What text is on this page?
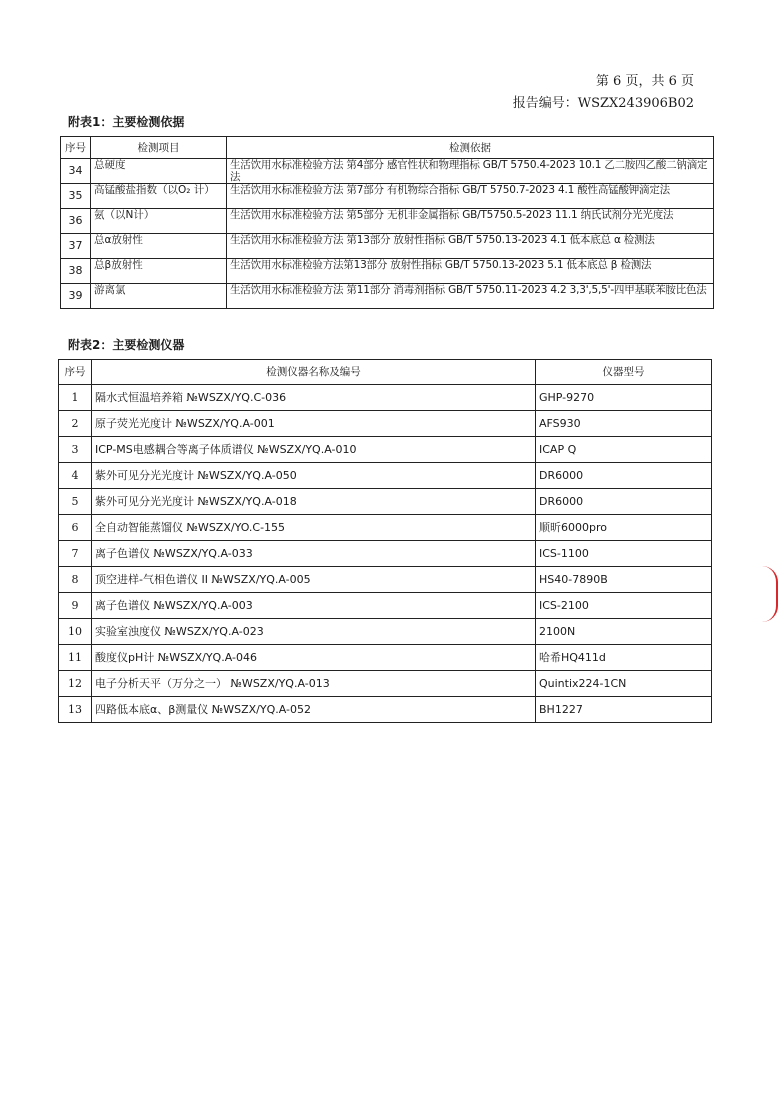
第 6 页，共 6 页
报告编号：WSZX243906B02
附表1：主要检测依据
序号	检测项目	检测依据
34	总硬度	生活饮用水标准检验方法 第4部分 感官性状和物理指标 GB/T 5750.4-2023 10.1 乙二胺四乙酸二钠滴定法
35	高锰酸盐指数（以O₂ 计）	生活饮用水标准检验方法 第7部分 有机物综合指标 GB/T 5750.7-2023 4.1 酸性高锰酸钾滴定法
36	氨（以N计）	生活饮用水标准检验方法 第5部分 无机非金属指标 GB/T5750.5-2023 11.1 纳氏试剂分光光度法
37	总α放射性	生活饮用水标准检验方法 第13部分 放射性指标 GB/T 5750.13-2023 4.1 低本底总 α 检测法
38	总β放射性	生活饮用水标准检验方法第13部分 放射性指标 GB/T 5750.13-2023 5.1 低本底总 β 检测法
39	游离氯	生活饮用水标准检验方法 第11部分 消毒剂指标 GB/T 5750.11-2023 4.2 3,3',5,5'-四甲基联苯胺比色法
附表2：主要检测仪器
序号	检测仪器名称及编号	仪器型号
1	隔水式恒温培养箱 №WSZX/YQ.C-036	GHP-9270
2	原子荧光光度计 №WSZX/YQ.A-001	AFS930
3	ICP-MS电感耦合等离子体质谱仪 №WSZX/YQ.A-010	ICAP Q
4	紫外可见分光光度计 №WSZX/YQ.A-050	DR6000
5	紫外可见分光光度计 №WSZX/YQ.A-018	DR6000
6	全自动智能蒸馏仪 №WSZX/YO.C-155	顺昕6000pro
7	离子色谱仪 №WSZX/YQ.A-033	ICS-1100
8	顶空进样-气相色谱仪 II №WSZX/YQ.A-005	HS40-7890B
9	离子色谱仪 №WSZX/YQ.A-003	ICS-2100
10	实验室浊度仪 №WSZX/YQ.A-023	2100N
11	酸度仪pH计 №WSZX/YQ.A-046	哈希HQ411d
12	电子分析天平（万分之一） №WSZX/YQ.A-013	Quintix224-1CN
13	四路低本底α、β测量仪 №WSZX/YQ.A-052	BH1227
